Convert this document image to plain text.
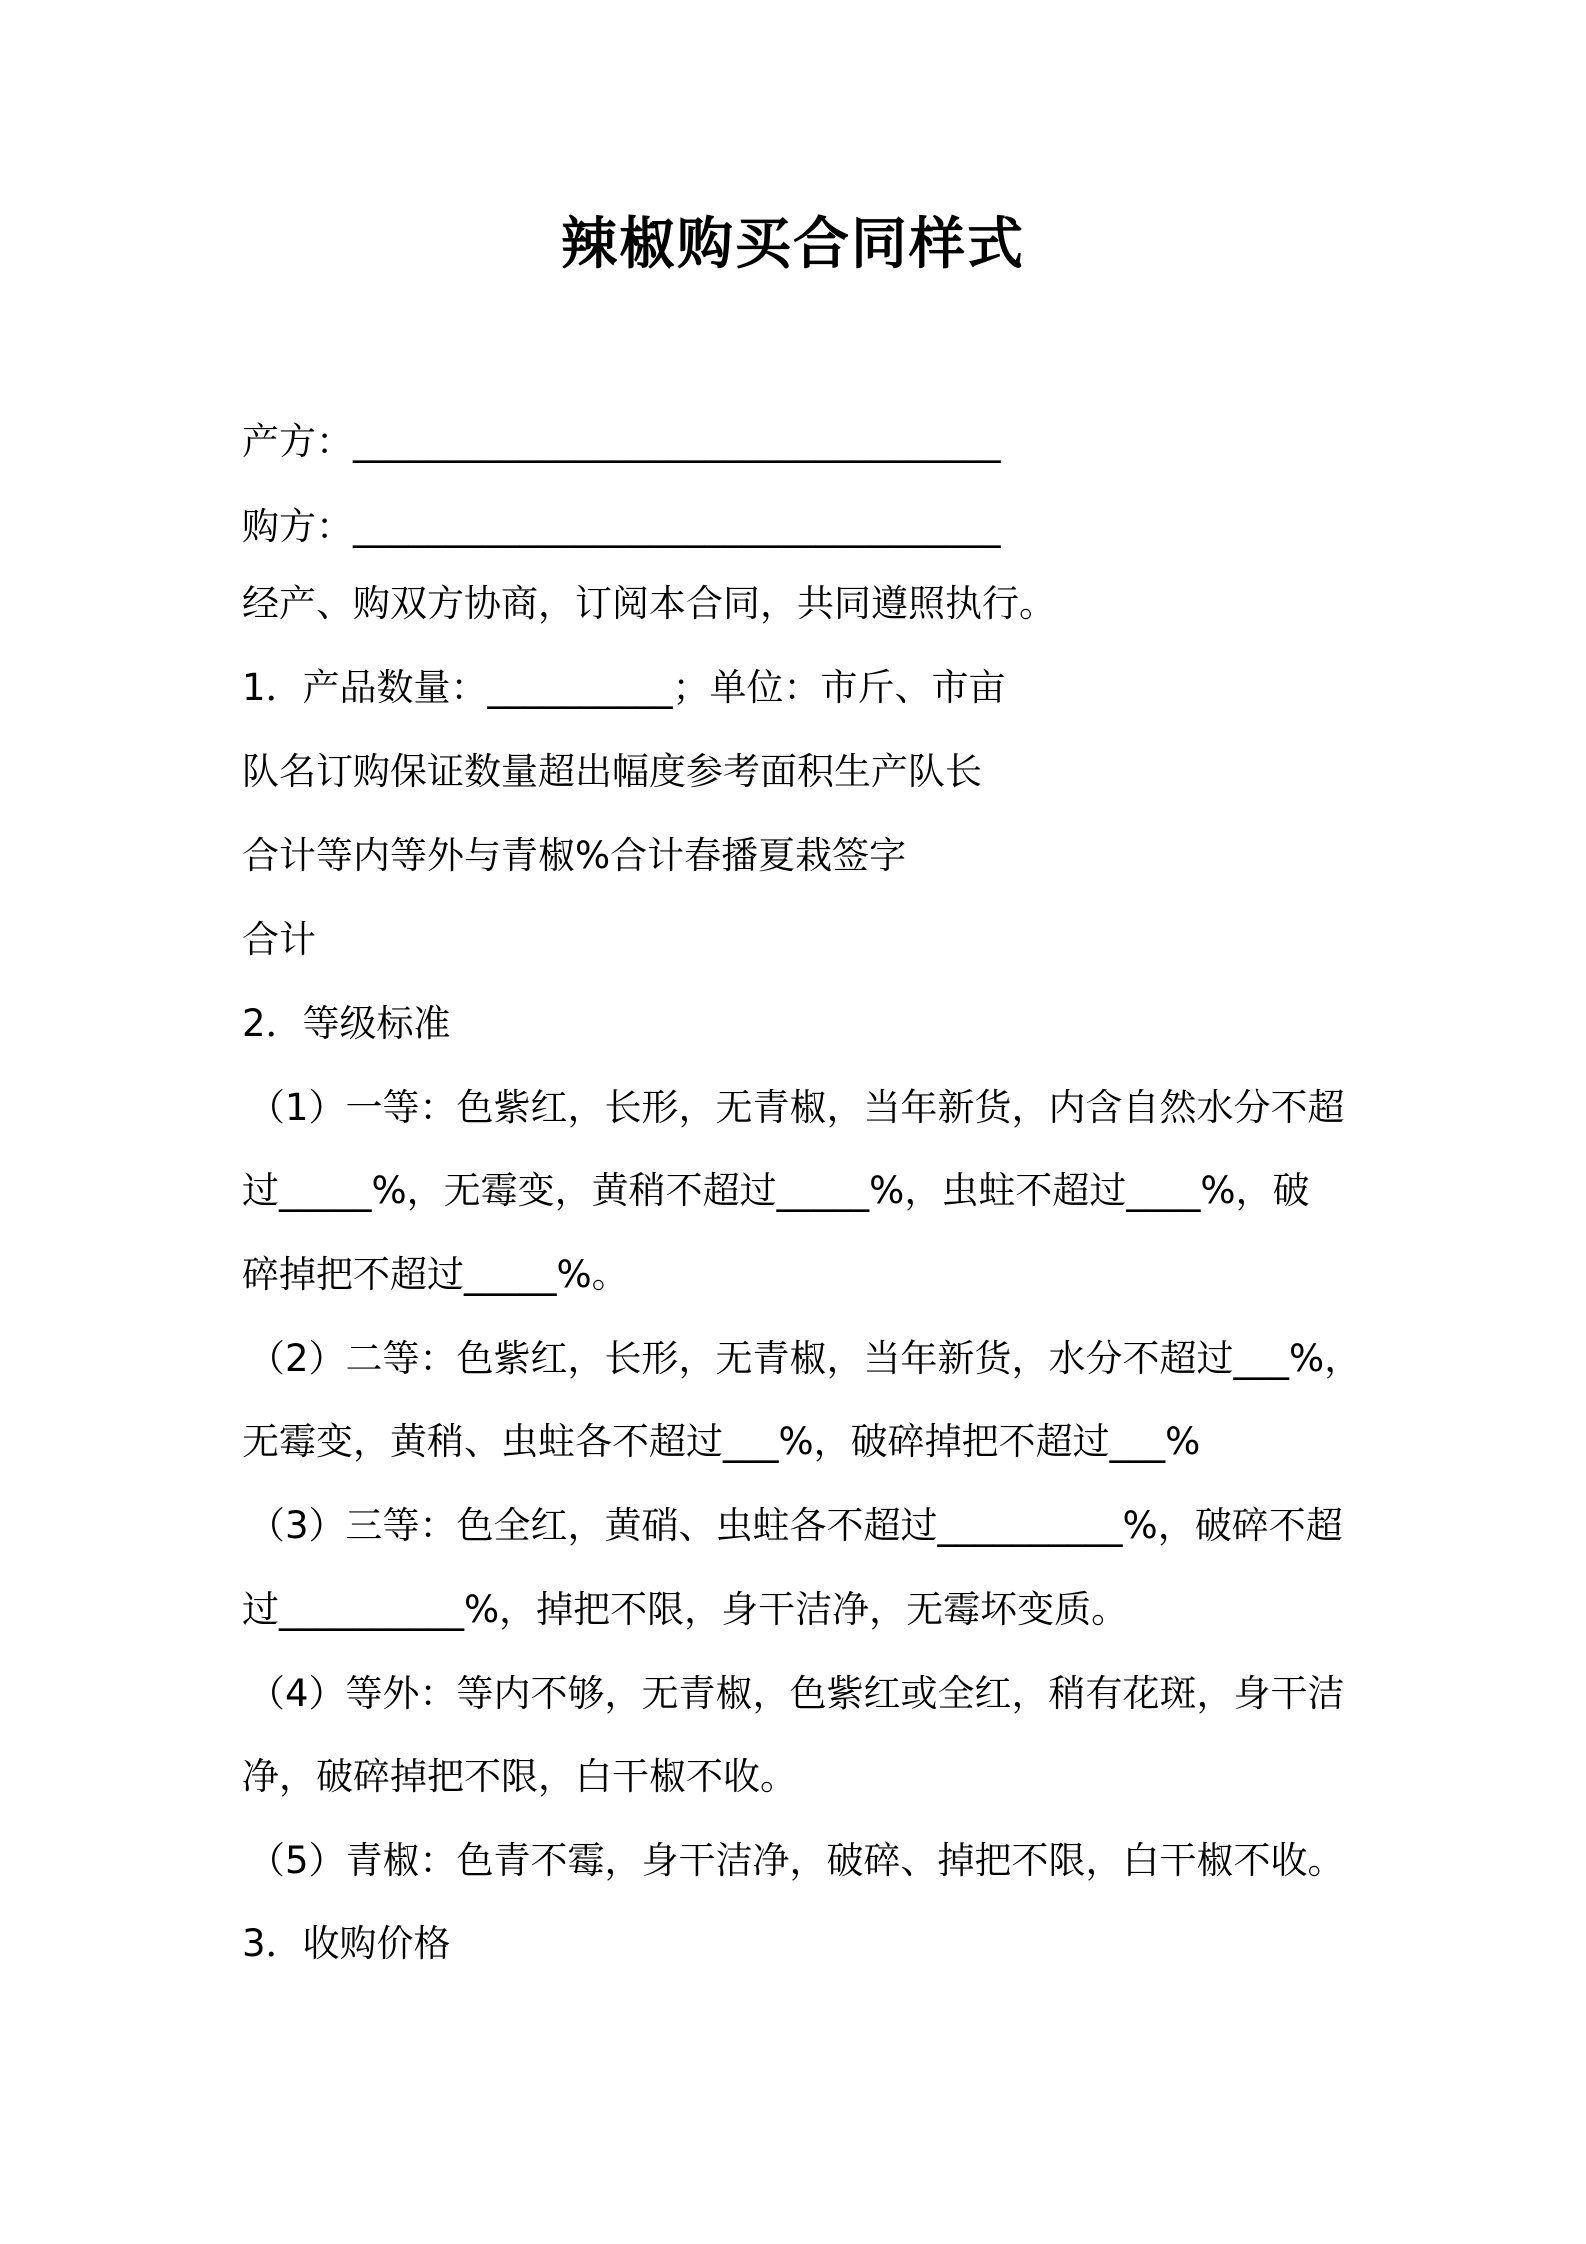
辣椒购买合同样式
产方：___________________________________
购方：___________________________________
经产、购双方协商，订阅本合同，共同遵照执行。
1．产品数量：__________；单位：市斤、市亩
队名订购保证数量超出幅度参考面积生产队长
合计等内等外与青椒%合计春播夏栽签字
合计
2．等级标准
（1）一等：色紫红，长形，无青椒，当年新货，内含自然水分不超
过_____%，无霉变，黄稍不超过_____%，虫蛀不超过____%，破
碎掉把不超过_____%。
（2）二等：色紫红，长形，无青椒，当年新货，水分不超过___%，
无霉变，黄稍、虫蛀各不超过___%，破碎掉把不超过___%
（3）三等：色全红，黄硝、虫蛀各不超过__________%，破碎不超
过__________%，掉把不限，身干洁净，无霉坏变质。
（4）等外：等内不够，无青椒，色紫红或全红，稍有花斑，身干洁
净，破碎掉把不限，白干椒不收。
（5）青椒：色青不霉，身干洁净，破碎、掉把不限，白干椒不收。
3．收购价格
